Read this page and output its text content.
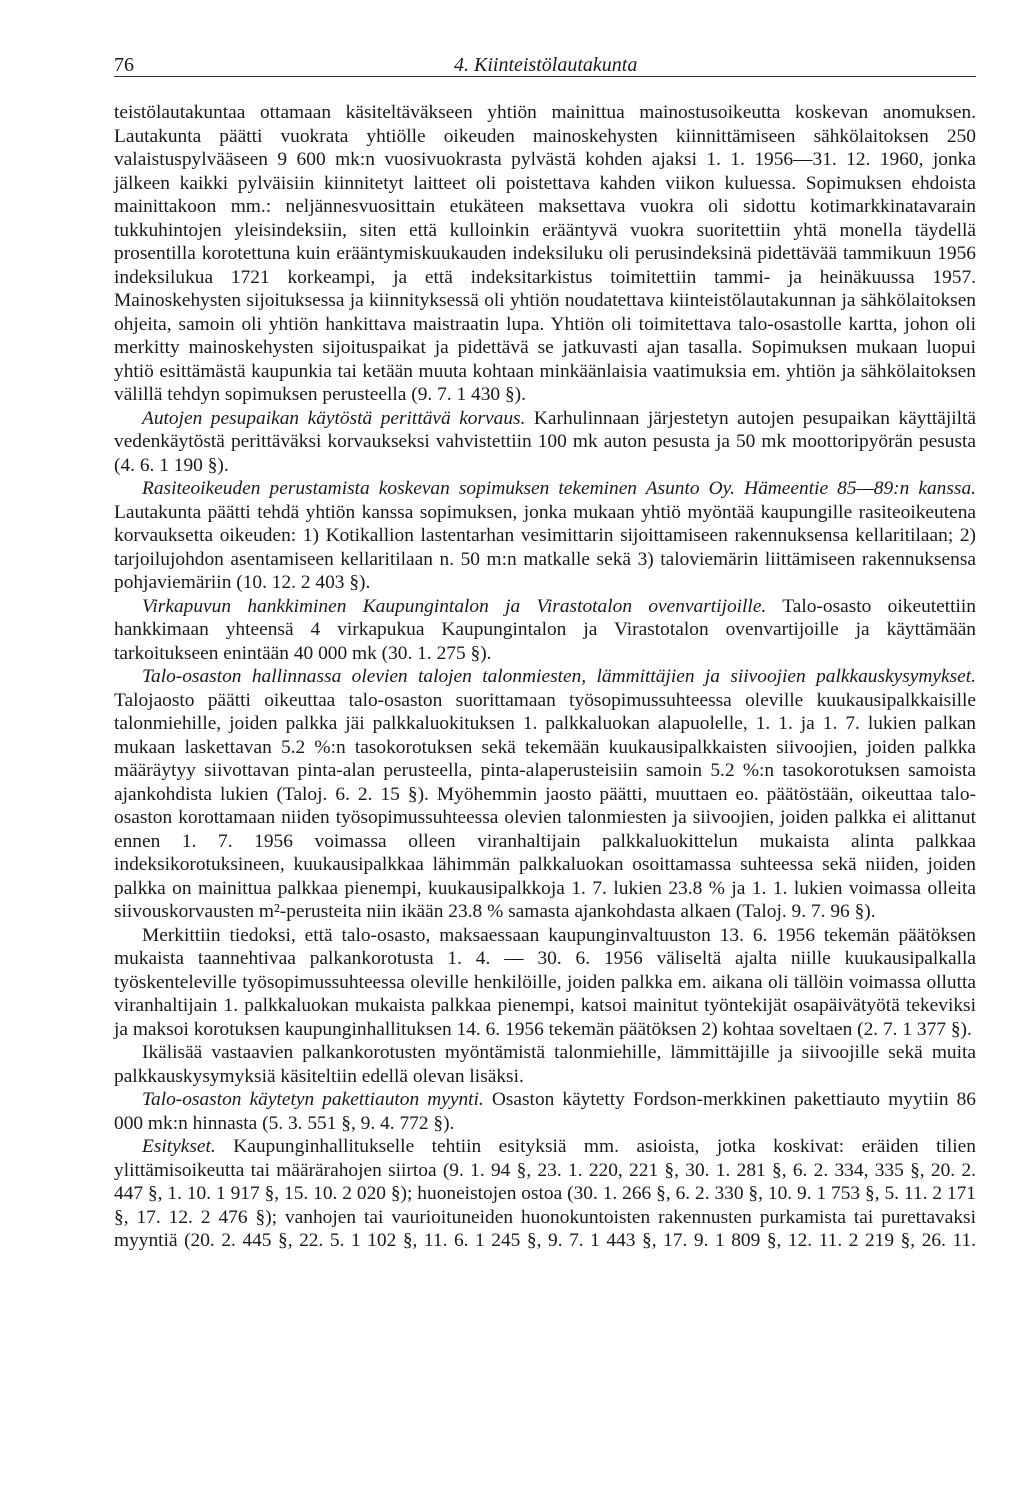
76	4. Kiinteistölautakunta

teistölautakuntaa ottamaan käsiteltäväkseen yhtiön mainittua mainostusoikeutta koskevan anomuksen. Lautakunta päätti vuokrata yhtiölle oikeuden mainoskehysten kiinnittämiseen sähkölaitoksen 250 valaistuspylvääseen 9 600 mk:n vuosivuokrasta pylvästä kohden ajaksi 1. 1. 1956—31. 12. 1960, jonka jälkeen kaikki pylväisiin kiinnitetyt laitteet oli poistettava kahden viikon kuluessa. Sopimuksen ehdoista mainittakoon mm.: neljännesvuosittain etukäteen maksettava vuokra oli sidottu kotimarkkinatavarain tukkuhintojen yleisindeksiin, siten että kulloinkin erääntyvä vuokra suoritettiin yhtä monella täydellä prosentilla korotettuna kuin erääntymiskuukauden indeksiluku oli perusindeksinä pidettävää tammikuun 1956 indeksilukua 1721 korkeampi, ja että indeksitarkistus toimitettiin tammi- ja heinäkuussa 1957. Mainoskehysten sijoituksessa ja kiinnityksessä oli yhtiön noudatettava kiinteistölautakunnan ja sähkölaitoksen ohjeita, samoin oli yhtiön hankittava maistraatin lupa. Yhtiön oli toimitettava talo-osastolle kartta, johon oli merkitty mainoskehysten sijoituspaikat ja pidettävä se jatkuvasti ajan tasalla. Sopimuksen mukaan luopui yhtiö esittämästä kaupunkia tai ketään muuta kohtaan minkäänlaisia vaatimuksia em. yhtiön ja sähkölaitoksen välillä tehdyn sopimuksen perusteella (9. 7. 1 430 §).

Autojen pesupaikan käytöstä perittävä korvaus. Karhulinnaan järjestetyn autojen pesupaikan käyttäjiltä vedenkäytöstä perittäväksi korvaukseksi vahvistettiin 100 mk auton pesusta ja 50 mk moottoripyörän pesusta (4. 6. 1 190 §).

Rasiteoikeuden perustamista koskevan sopimuksen tekeminen Asunto Oy. Hämeentie 85—89:n kanssa. Lautakunta päätti tehdä yhtiön kanssa sopimuksen, jonka mukaan yhtiö myöntää kaupungille rasiteoikeutena korvauksetta oikeuden: 1) Kotikallion lastentarhan vesimittarin sijoittamiseen rakennuksensa kellaritilaan; 2) tarjoilujohdon asentamiseen kellaritilaan n. 50 m:n matkalle sekä 3) taloviemärin liittämiseen rakennuksensa pohjaviemäriin (10. 12. 2 403 §).

Virkapuvun hankkiminen Kaupungintalon ja Virastotalon ovenvartijoille. Talo-osasto oikeutettiin hankkimaan yhteensä 4 virkapukua Kaupungintalon ja Virastotalon ovenvartijoille ja käyttämään tarkoitukseen enintään 40 000 mk (30. 1. 275 §).

Talo-osaston hallinnassa olevien talojen talonmiesten, lämmittäjien ja siivoojien palkkauskysymykset. Talojaosto päätti oikeuttaa talo-osaston suorittamaan työsopimussuhteessa oleville kuukausipalkkaisille talonmiehille, joiden palkka jäi palkkaluokituksen 1. palkkaluokan alapuolelle, 1. 1. ja 1. 7. lukien palkan mukaan laskettavan 5.2 %:n tasokorotuksen sekä tekemään kuukausipalkkaisten siivoojien, joiden palkka määräytyy siivottavan pinta-alan perusteella, pinta-alaperusteisiin samoin 5.2 %:n tasokorotuksen samoista ajankohdista lukien (Taloj. 6. 2. 15 §). Myöhemmin jaosto päätti, muuttaen eo. päätöstään, oikeuttaa talo-osaston korottamaan niiden työsopimussuhteessa olevien talonmiesten ja siivoojien, joiden palkka ei alittanut ennen 1. 7. 1956 voimassa olleen viranhaltijain palkkaluokittelun mukaista alinta palkkaa indeksikorotuksineen, kuukausipalkkaa lähimmän palkkaluokan osoittamassa suhteessa sekä niiden, joiden palkka on mainittua palkkaa pienempi, kuukausipalkkoja 1. 7. lukien 23.8 % ja 1. 1. lukien voimassa olleita siivouskorvausten m²-perusteita niin ikään 23.8 % samasta ajankohdasta alkaen (Taloj. 9. 7. 96 §).

Merkittiin tiedoksi, että talo-osasto, maksaessaan kaupunginvaltuuston 13. 6. 1956 tekemän päätöksen mukaista taannehtivaa palkankorotusta 1. 4. — 30. 6. 1956 väliseltä ajalta niille kuukausipalkalla työskenteleville työsopimussuhteessa oleville henkilöille, joiden palkka em. aikana oli tällöin voimassa ollutta viranhaltijain 1. palkkaluokan mukaista palkkaa pienempi, katsoi mainitut työntekijät osapäivätyötä tekeviksi ja maksoi korotuksen kaupunginhallituksen 14. 6. 1956 tekemän päätöksen 2) kohtaa soveltaen (2. 7. 1 377 §).

Ikälisää vastaavien palkankorotusten myöntämistä talonmiehille, lämmittäjille ja siivoojille sekä muita palkkauskysymyksiä käsiteltiin edellä olevan lisäksi.

Talo-osaston käytetyn pakettiauton myynti. Osaston käytetty Fordson-merkkinen pakettiauto myytiin 86 000 mk:n hinnasta (5. 3. 551 §, 9. 4. 772 §).

Esitykset. Kaupunginhallitukselle tehtiin esityksiä mm. asioista, jotka koskivat: eräiden tilien ylittämisoikeutta tai määrärahojen siirtoa (9. 1. 94 §, 23. 1. 220, 221 §, 30. 1. 281 §, 6. 2. 334, 335 §, 20. 2. 447 §, 1. 10. 1 917 §, 15. 10. 2 020 §); huoneistojen ostoa (30. 1. 266 §, 6. 2. 330 §, 10. 9. 1 753 §, 5. 11. 2 171 §, 17. 12. 2 476 §); vanhojen tai vaurioituneiden huonokuntoisten rakennusten purkamista tai purettavaksi myyntiä (20. 2. 445 §, 22. 5. 1 102 §, 11. 6. 1 245 §, 9. 7. 1 443 §, 17. 9. 1 809 §, 12. 11. 2 219 §, 26. 11.
